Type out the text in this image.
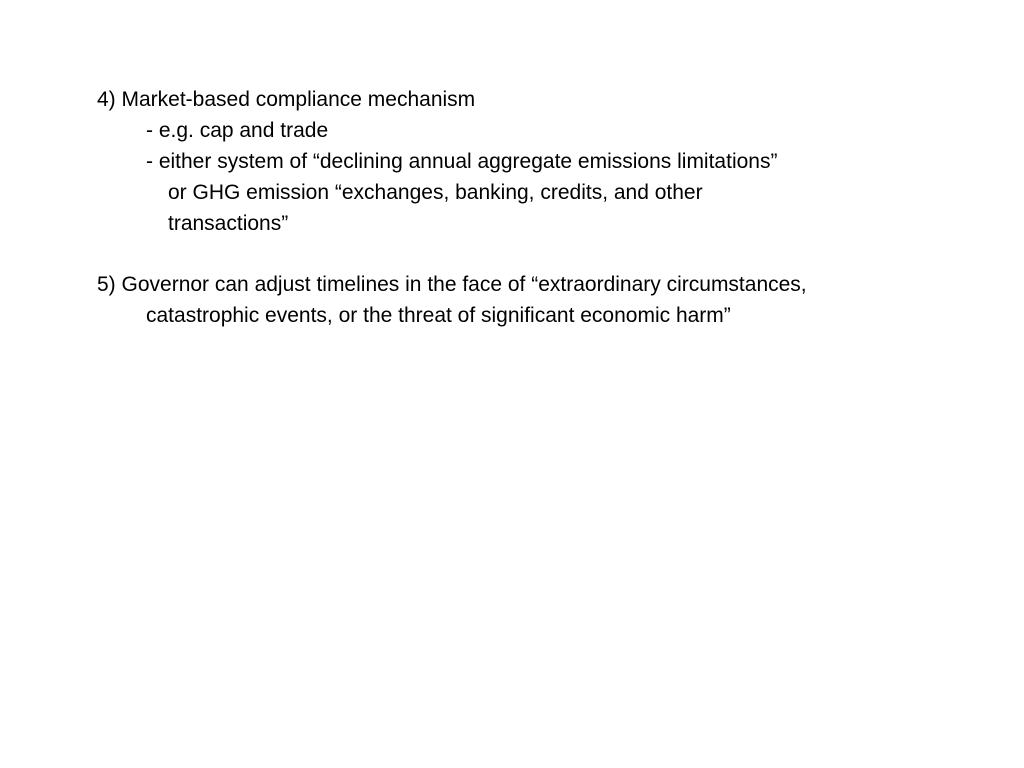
4) Market-based compliance mechanism
- e.g. cap and trade
- either system of “declining annual aggregate emissions limitations”
or GHG emission “exchanges, banking, credits, and other
transactions”
5) Governor can adjust timelines in the face of “extraordinary circumstances,
catastrophic events, or the threat of significant economic harm”
